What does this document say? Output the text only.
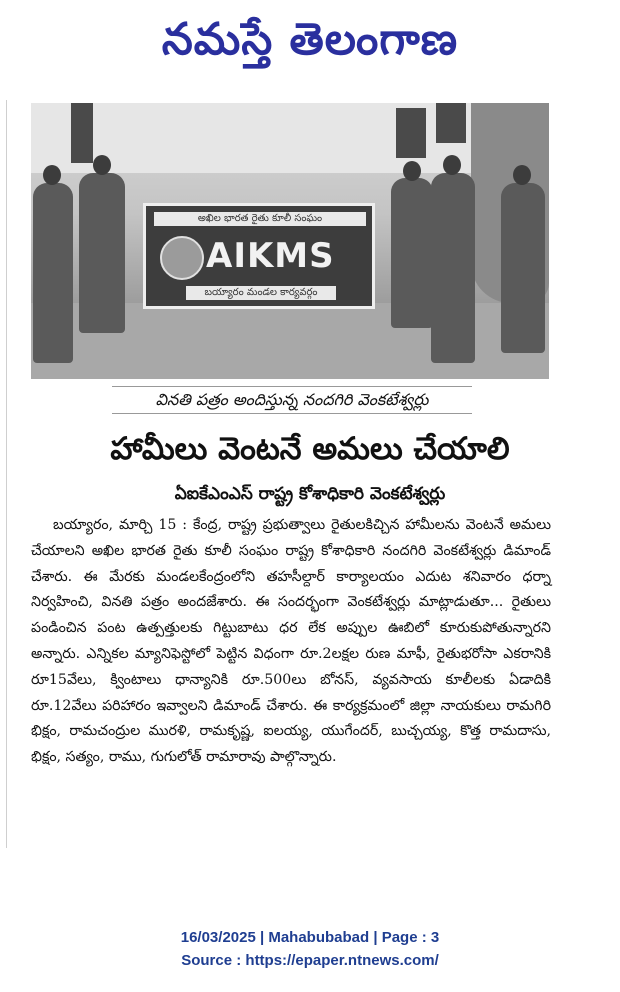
నమస్తే తెలంగాణ
అఖిల భారత రైతు కూలీ సంఘం
AIKMS
బయ్యారం మండల కార్యవర్గం
వినతి పత్రం అందిస్తున్న నందగిరి వెంకటేశ్వర్లు
హామీలు వెంటనే అమలు చేయాలి
ఏఐకేఎంఎస్ రాష్ట్ర కోశాధికారి వెంకటేశ్వర్లు
బయ్యారం, మార్చి 15 : కేంద్ర, రాష్ట్ర ప్రభుత్వాలు రైతులకిచ్చిన హామీలను వెంటనే అమలు చేయాలని అఖిల భారత రైతు కూలీ సంఘం రాష్ట్ర కోశాధికారి నందగిరి వెంకటేశ్వర్లు డిమాండ్ చేశారు. ఈ మేరకు మండలకేంద్రంలోని తహసీల్దార్ కార్యాలయం ఎదుట శనివారం ధర్నా నిర్వహించి, వినతి పత్రం అందజేశారు. ఈ సందర్భంగా వెంకటేశ్వర్లు మాట్లాడుతూ... రైతులు పండించిన పంట ఉత్పత్తులకు గిట్టుబాటు ధర లేక అప్పుల ఊబిలో కూరుకుపోతున్నారని అన్నారు. ఎన్నికల మ్యానిఫెస్టోలో పెట్టిన విధంగా రూ.2లక్షల రుణ మాఫీ, రైతుభరోసా ఎకరానికి రూ15వేలు, క్వింటాలు ధాన్యానికి రూ.500లు బోనస్, వ్యవసాయ కూలీలకు ఏడాదికి రూ.12వేలు పరిహారం ఇవ్వాలని డిమాండ్ చేశారు. ఈ కార్యక్రమంలో జిల్లా నాయకులు రామగిరి భిక్షం, రామచంద్రుల మురళి, రామకృష్ణ, ఐలయ్య, యుగేందర్, బుచ్చయ్య, కొత్త రామదాసు, భిక్షం, సత్యం, రాము, గుగులోత్ రామారావు పాల్గొన్నారు.
16/03/2025 | Mahabubabad | Page : 3
Source : https://epaper.ntnews.com/
